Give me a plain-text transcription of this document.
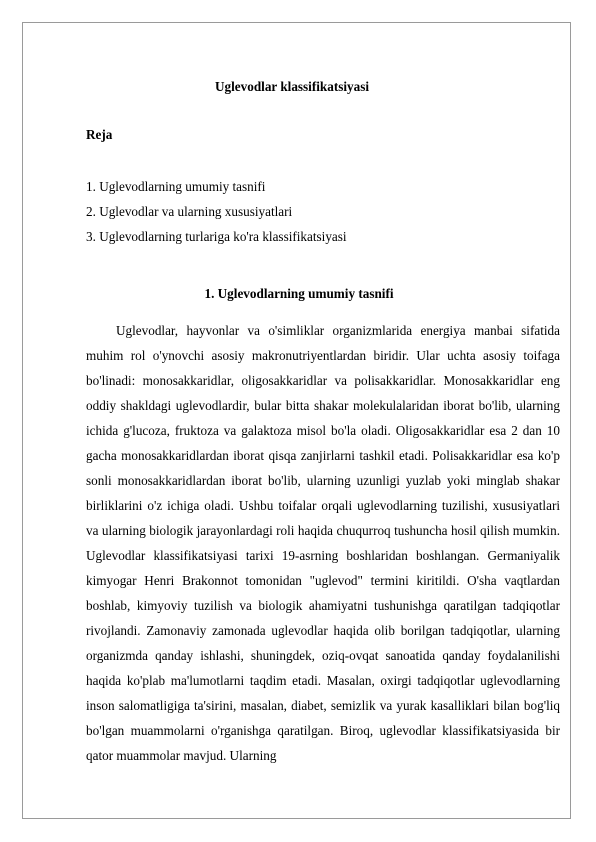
Uglevodlar klassifikatsiyasi

Reja

1. Uglevodlarning umumiy tasnifi
2. Uglevodlar va ularning xususiyatlari
3. Uglevodlarning turlariga ko'ra klassifikatsiyasi
1. Uglevodlarning umumiy tasnifi

Uglevodlar, hayvonlar va o'simliklar organizmlarida energiya manbai sifatida muhim rol o'ynovchi asosiy makronutriyentlardan biridir. Ular uchta asosiy toifaga bo'linadi: monosakkaridlar, oligosakkaridlar va polisakkaridlar. Monosakkaridlar eng oddiy shakldagi uglevodlardir, bular bitta shakar molekulalaridan iborat bo'lib, ularning ichida g'lucoza, fruktoza va galaktoza misol bo'la oladi. Oligosakkaridlar esa 2 dan 10 gacha monosakkaridlardan iborat qisqa zanjirlarni tashkil etadi. Polisakkaridlar esa ko'p sonli monosakkaridlardan iborat bo'lib, ularning uzunligi yuzlab yoki minglab shakar birliklarini o'z ichiga oladi. Ushbu toifalar orqali uglevodlarning tuzilishi, xususiyatlari va ularning biologik jarayonlardagi roli haqida chuqurroq tushuncha hosil qilish mumkin. Uglevodlar klassifikatsiyasi tarixi 19-asrning boshlaridan boshlangan. Germaniyalik kimyogar Henri Brakonnot tomonidan "uglevod" termini kiritildi. O'sha vaqtlardan boshlab, kimyoviy tuzilish va biologik ahamiyatni tushunishga qaratilgan tadqiqotlar rivojlandi. Zamonaviy zamonada uglevodlar haqida olib borilgan tadqiqotlar, ularning organizmda qanday ishlashi, shuningdek, oziq-ovqat sanoatida qanday foydalanilishi haqida ko'plab ma'lumotlarni taqdim etadi. Masalan, oxirgi tadqiqotlar uglevodlarning inson salomatligiga ta'sirini, masalan, diabet, semizlik va yurak kasalliklari bilan bog'liq bo'lgan muammolarni o'rganishga qaratilgan. Biroq, uglevodlar klassifikatsiyasida bir qator muammolar mavjud. Ularning
